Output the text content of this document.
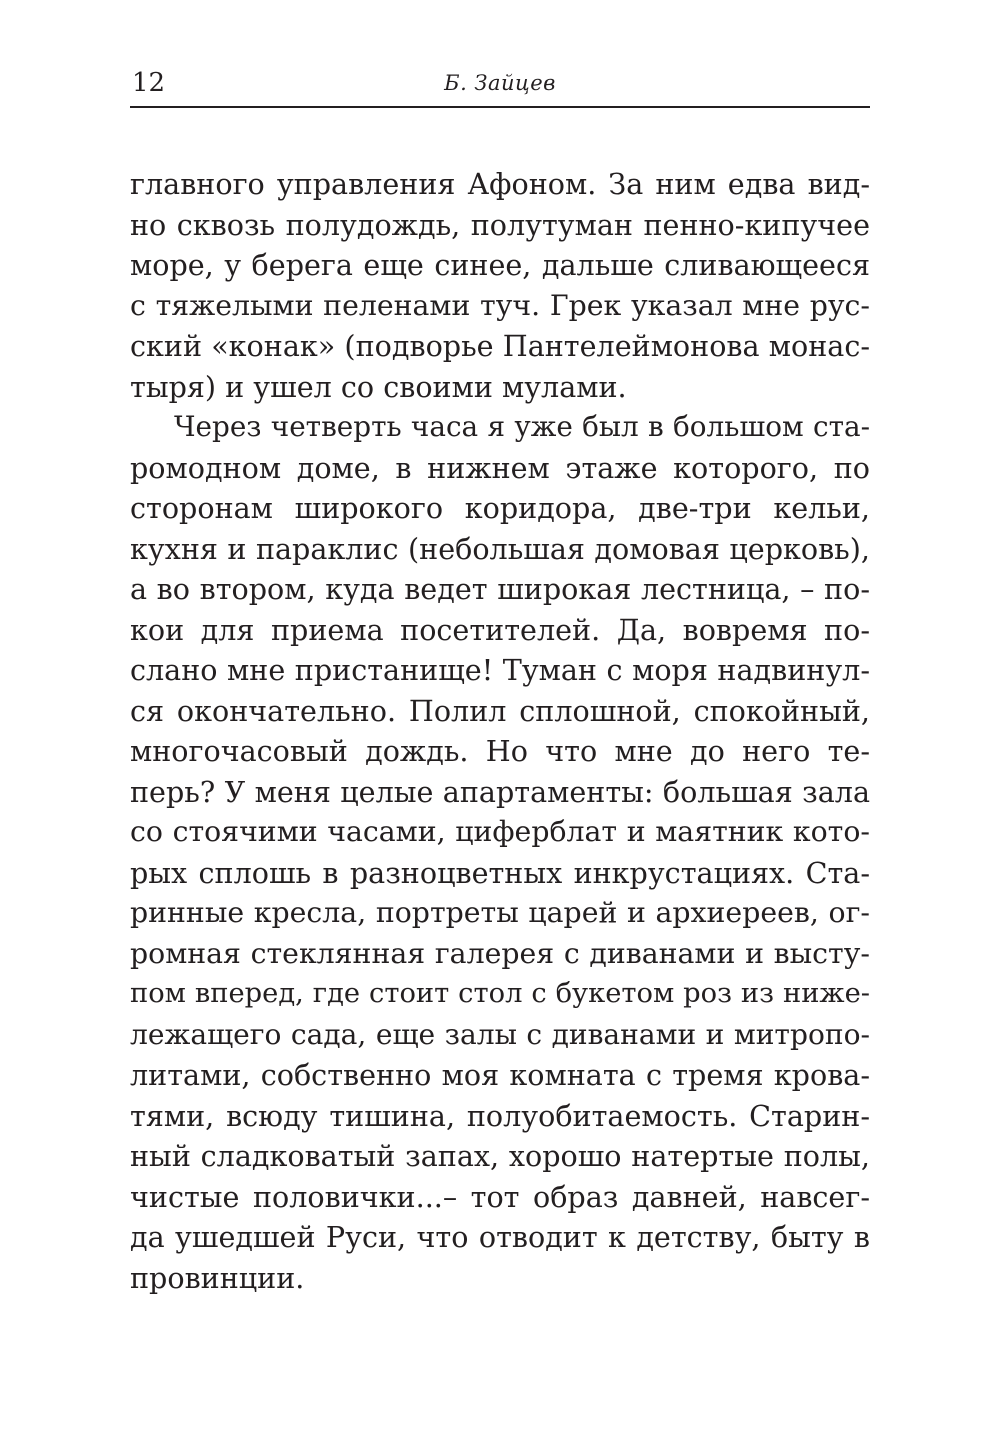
12	Б. Зайцев
главного управления Афоном. За ним едва вид-
но сквозь полудождь, полутуман пенно-кипучее
море, у берега еще синее, дальше сливающееся
с тяжелыми пеленами туч. Грек указал мне рус-
ский «конак» (подворье Пантелеймонова монас-
тыря) и ушел со своими мулами.
Через четверть часа я уже был в большом ста-
ромодном доме, в нижнем этаже которого, по
сторонам широкого коридора, две-три кельи,
кухня и параклис (небольшая домовая церковь),
а во втором, куда ведет широкая лестница, – по-
кои для приема посетителей. Да, вовремя по-
слано мне пристанище! Туман с моря надвинул-
ся окончательно. Полил сплошной, спокойный,
многочасовый дождь. Но что мне до него те-
перь? У меня целые апартаменты: большая зала
со стоячими часами, циферблат и маятник кото-
рых сплошь в разноцветных инкрустациях. Ста-
ринные кресла, портреты царей и архиереев, ог-
ромная стеклянная галерея с диванами и высту-
пом вперед, где стоит стол с букетом роз из ниже-
лежащего сада, еще залы с диванами и митропо-
литами, собственно моя комната с тремя крова-
тями, всюду тишина, полуобитаемость. Старин-
ный сладковатый запах, хорошо натертые полы,
чистые половички...– тот образ давней, навсег-
да ушедшей Руси, что отводит к детству, быту в
провинции.
